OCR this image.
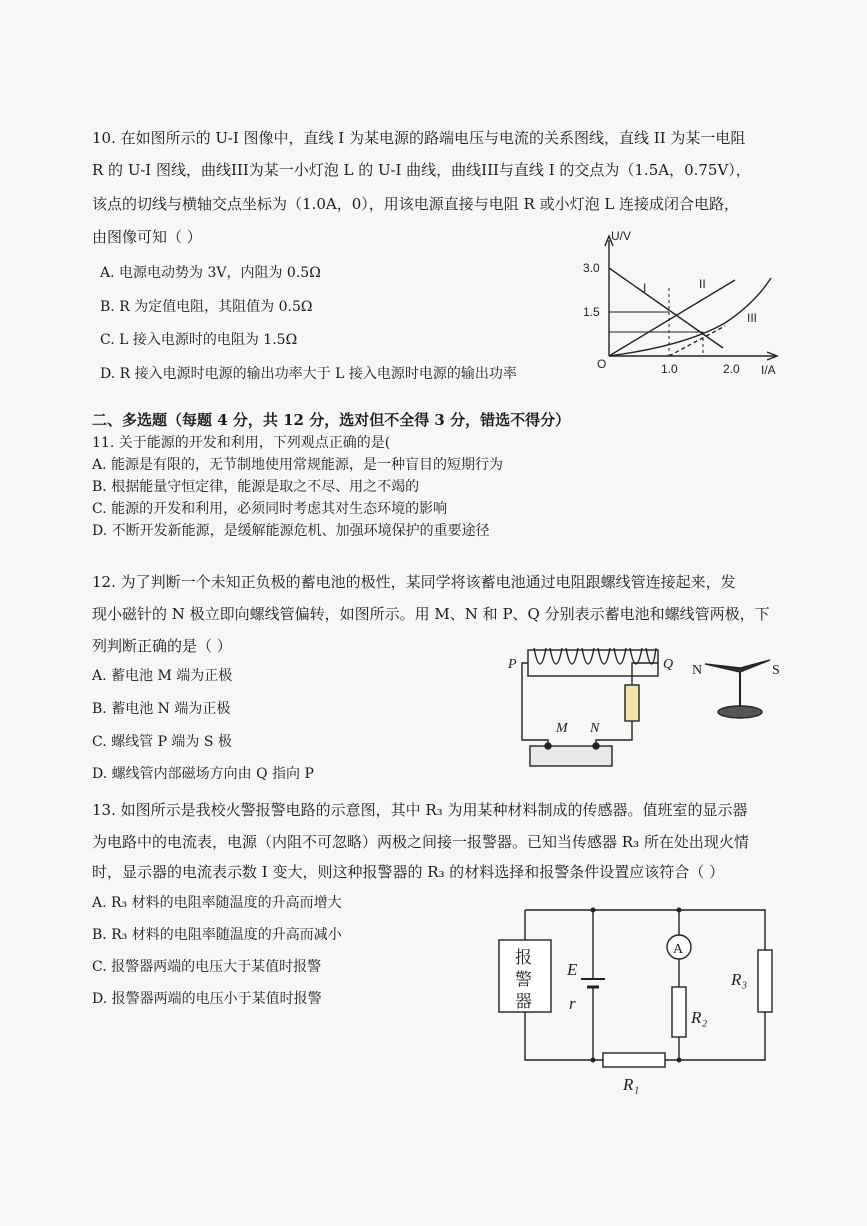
10. 在如图所示的 U-I 图像中，直线 I 为某电源的路端电压与电流的关系图线，直线 II 为某一电阻
R 的 U-I 图线，曲线III为某一小灯泡 L 的 U-I 曲线，曲线III与直线 I 的交点为（1.5A，0.75V），
该点的切线与横轴交点坐标为（1.0A，0），用该电源直接与电阻 R 或小灯泡 L 连接成闭合电路，
由图像可知（ ）
A. 电源电动势为 3V，内阻为 0.5Ω
B. R 为定值电阻，其阻值为 0.5Ω
C. L 接入电源时的电阻为 1.5Ω
D. R 接入电源时电源的输出功率大于 L 接入电源时电源的输出功率
U/V
I/A
O
3.0
1.5
1.0	2.0
I	II
III
二、多选题（每题 4 分，共 12 分，选对但不全得 3 分，错选不得分）
11. 关于能源的开发和利用，下列观点正确的是(
A. 能源是有限的，无节制地使用常规能源，是一种盲目的短期行为
B. 根据能量守恒定律，能源是取之不尽、用之不竭的
C. 能源的开发和利用，必须同时考虑其对生态环境的影响
D. 不断开发新能源，是缓解能源危机、加强环境保护的重要途径
12. 为了判断一个未知正负极的蓄电池的极性，某同学将该蓄电池通过电阻跟螺线管连接起来，发
现小磁针的 N 极立即向螺线管偏转，如图所示。用 M、N 和 P、Q 分别表示蓄电池和螺线管两极，下
列判断正确的是（ ）
A. 蓄电池 M 端为正极
B. 蓄电池 N 端为正极
C. 螺线管 P 端为 S 极
D. 螺线管内部磁场方向由 Q 指向 P
P	Q
M N
N	S
13. 如图所示是我校火警报警电路的示意图，其中 R₃ 为用某种材料制成的传感器。值班室的显示器
为电路中的电流表，电源（内阻不可忽略）两极之间接一报警器。已知当传感器 R₃ 所在处出现火情
时，显示器的电流表示数 I 变大，则这种报警器的 R₃ 的材料选择和报警条件设置应该符合（ ）
A. R₃ 材料的电阻率随温度的升高而增大
B. R₃ 材料的电阻率随温度的升高而减小
C. 报警器两端的电压大于某值时报警
D. 报警器两端的电压小于某值时报警
报
警
器
E
r
A
R₂
R₃
R₁
